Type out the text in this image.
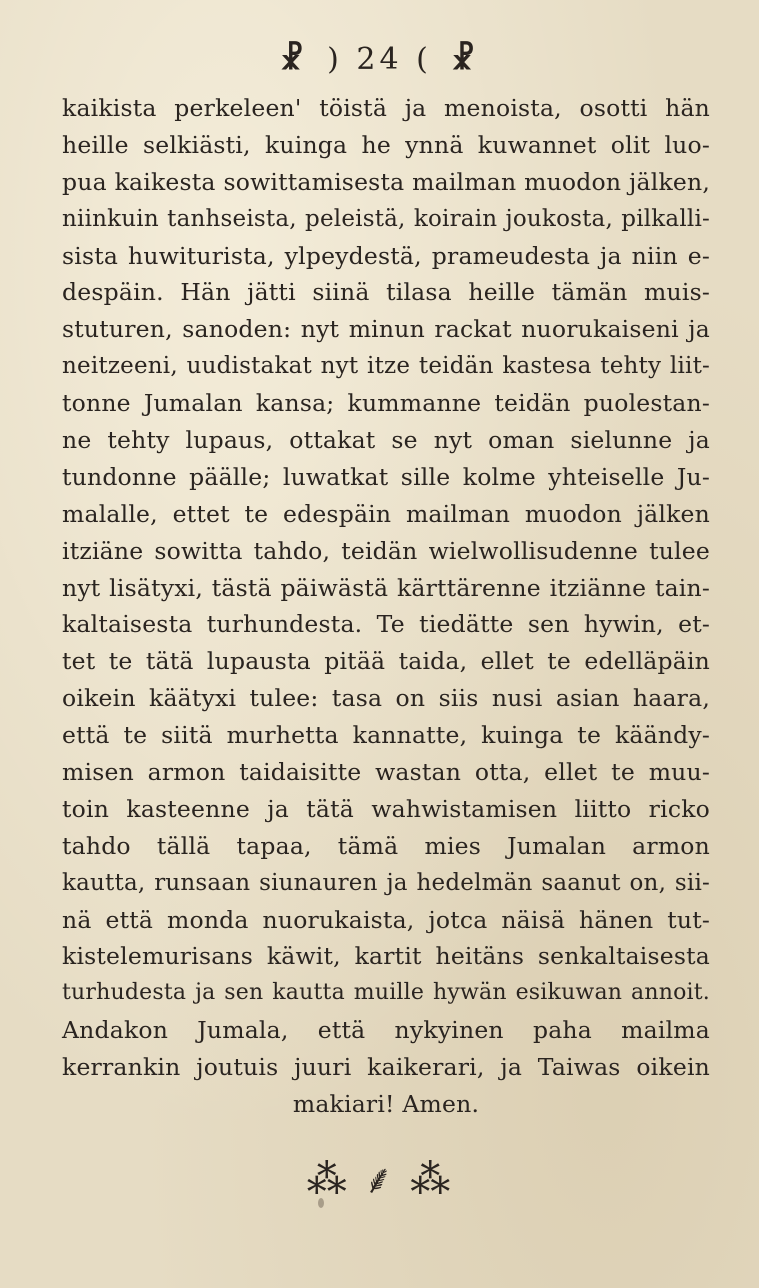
☧ ) 24 ( ☧
kaikista perkeleen' töistä ja menoista, osotti hän
heille selkiästi, kuinga he ynnä kuwannet olit luo-
pua kaikesta sowittamisesta mailman muodon jälken,
niinkuin tanhseista, peleistä, koirain joukosta, pilkalli-
sista huwiturista, ylpeydestä, prameudesta ja niin e-
despäin. Hän jätti siinä tilasa heille tämän muis-
stuturen, sanoden: nyt minun rackat nuorukaiseni ja
neitzeeni, uudistakat nyt itze teidän kastesa tehty liit-
tonne Jumalan kansa; kummanne teidän puolestan-
ne tehty lupaus, ottakat se nyt oman sielunne ja
tundonne päälle; luwatkat sille kolme yhteiselle Ju-
malalle, ettet te edespäin mailman muodon jälken
itziäne sowitta tahdo, teidän wielwollisudenne tulee
nyt lisätyxi, tästä päiwästä kärttärenne itziänne tain-
kaltaisesta turhundesta. Te tiedätte sen hywin, et-
tet te tätä lupausta pitää taida, ellet te edelläpäin
oikein käätyxi tulee: tasa on siis nusi asian haara,
että te siitä murhetta kannatte, kuinga te käändy-
misen armon taidaisitte wastan otta, ellet te muu-
toin kasteenne ja tätä wahwistamisen liitto ricko
tahdo tällä tapaa, tämä mies Jumalan armon
kautta, runsaan siunauren ja hedelmän saanut on, sii-
nä että monda nuorukaista, jotca näisä hänen tut-
kistelemurisans käwit, kartit heitäns senkaltaisesta
turhudesta ja sen kautta muille hywän esikuwan annoit.
Andakon Jumala, että nykyinen paha mailma
kerrankin joutuis juuri kaikerari, ja Taiwas oikein
makiari! Amen.
⁂ ⸙ ⁂
